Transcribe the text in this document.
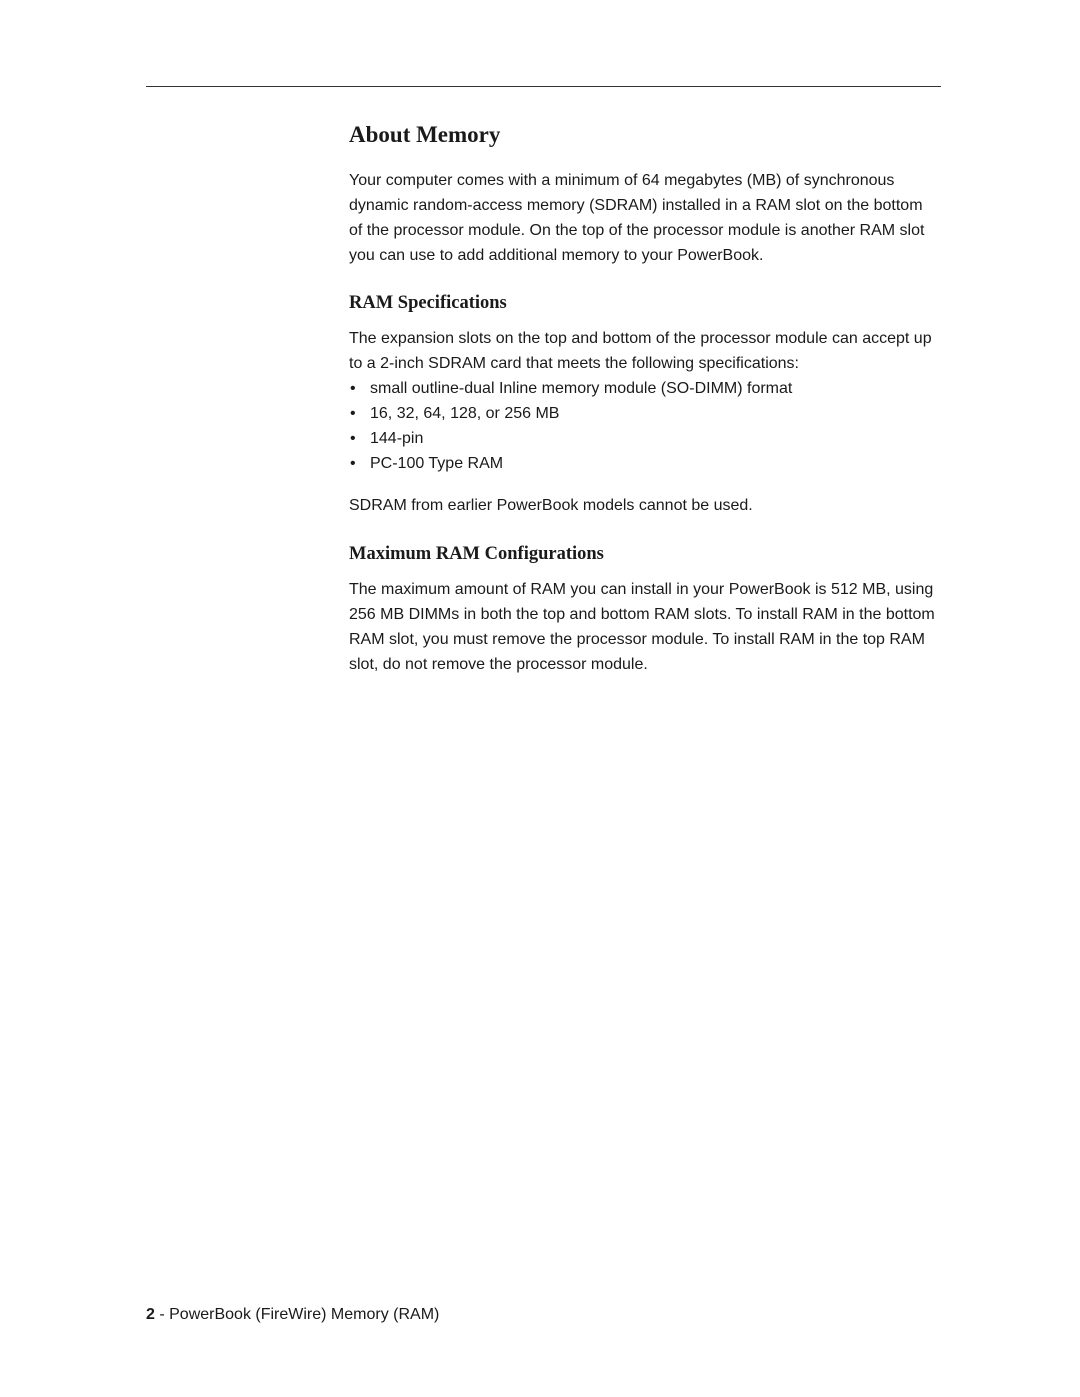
About Memory

Your computer comes with a minimum of 64 megabytes (MB) of synchronous dynamic random-access memory (SDRAM) installed in a RAM slot on the bottom of the processor module. On the top of the processor module is another RAM slot you can use to add additional memory to your PowerBook.

RAM Specifications

The expansion slots on the top and bottom of the processor module can accept up to a 2-inch SDRAM card that meets the following specifications:

• small outline-dual Inline memory module (SO-DIMM) format
• 16, 32, 64, 128, or 256 MB
• 144-pin
• PC-100 Type RAM

SDRAM from earlier PowerBook models cannot be used.

Maximum RAM Configurations

The maximum amount of RAM you can install in your PowerBook is 512 MB, using 256 MB DIMMs in both the top and bottom RAM slots. To install RAM in the bottom RAM slot, you must remove the processor module. To install RAM in the top RAM slot, do not remove the processor module.

2 - PowerBook (FireWire) Memory (RAM)
